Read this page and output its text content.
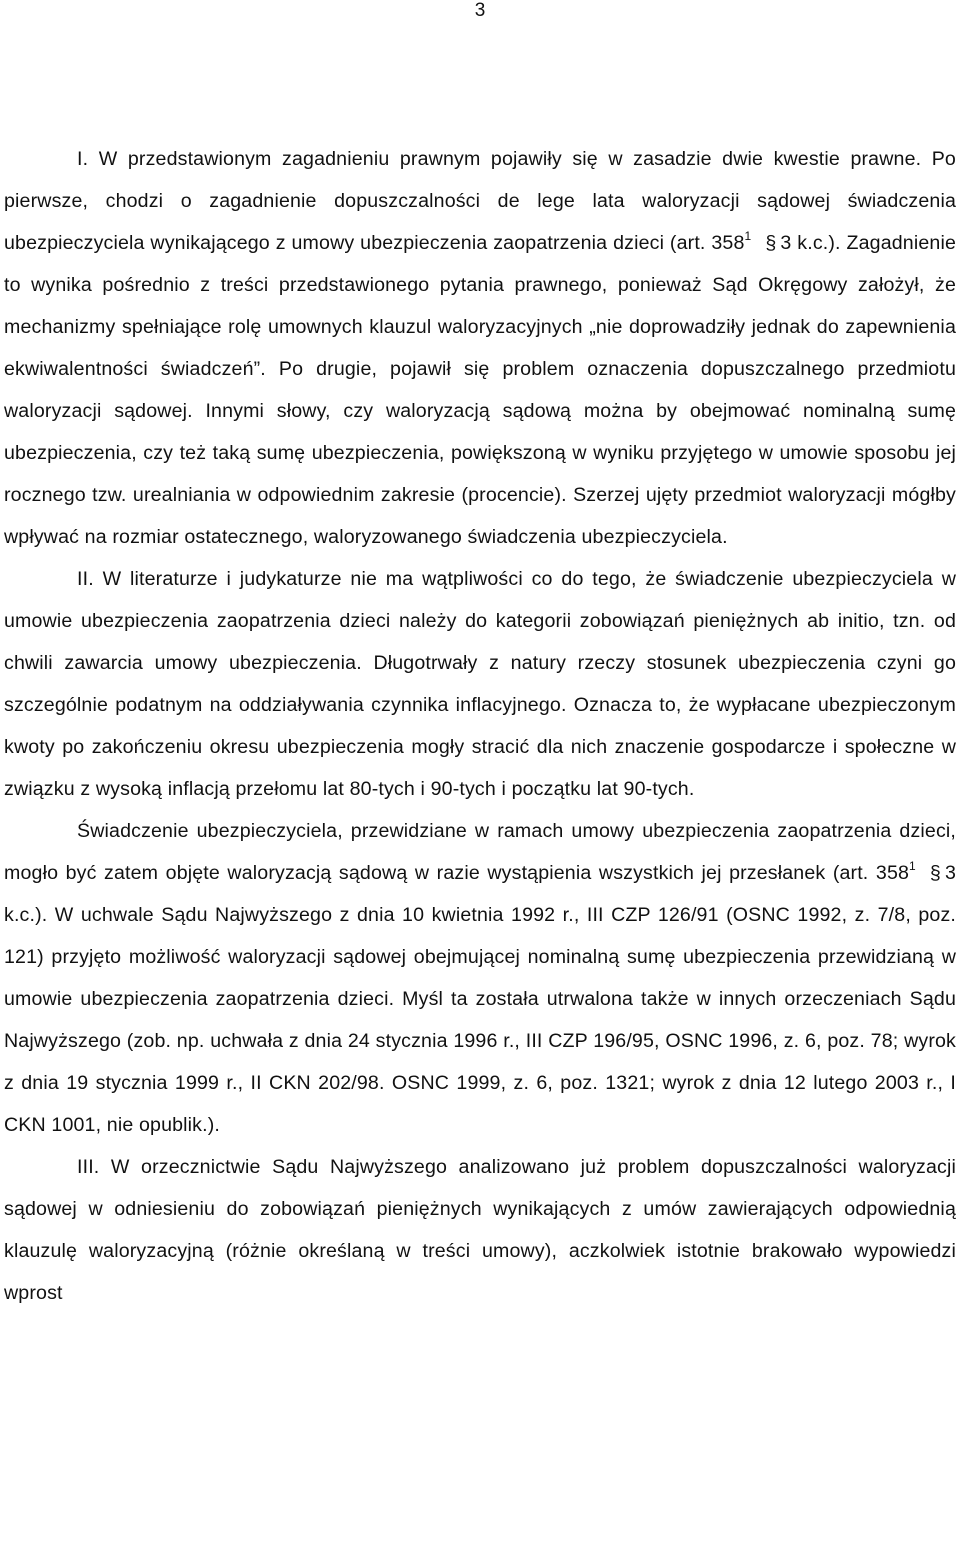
3

I. W przedstawionym zagadnieniu prawnym pojawiły się w zasadzie dwie kwestie prawne. Po pierwsze, chodzi o zagadnienie dopuszczalności de lege lata waloryzacji sądowej świadczenia ubezpieczyciela wynikającego z umowy ubezpieczenia zaopatrzenia dzieci (art. $358^1$ § 3 k.c.). Zagadnienie to wynika pośrednio z treści przedstawionego pytania prawnego, ponieważ Sąd Okręgowy założył, że mechanizmy spełniające rolę umownych klauzul waloryzacyjnych „nie doprowadziły jednak do zapewnienia ekwiwalentności świadczeń”. Po drugie, pojawił się problem oznaczenia dopuszczalnego przedmiotu waloryzacji sądowej. Innymi słowy, czy waloryzacją sądową można by obejmować nominalną sumę ubezpieczenia, czy też taką sumę ubezpieczenia, powiększoną w wyniku przyjętego w umowie sposobu jej rocznego tzw. urealniania w odpowiednim zakresie (procencie). Szerzej ujęty przedmiot waloryzacji mógłby wpływać na rozmiar ostatecznego, waloryzowanego świadczenia ubezpieczyciela.

II. W literaturze i judykaturze nie ma wątpliwości co do tego, że świadczenie ubezpieczyciela w umowie ubezpieczenia zaopatrzenia dzieci należy do kategorii zobowiązań pieniężnych ab initio, tzn. od chwili zawarcia umowy ubezpieczenia. Długotrwały z natury rzeczy stosunek ubezpieczenia czyni go szczególnie podatnym na oddziaływania czynnika inflacyjnego. Oznacza to, że wypłacane ubezpieczonym kwoty po zakończeniu okresu ubezpieczenia mogły stracić dla nich znaczenie gospodarcze i społeczne w związku z wysoką inflacją przełomu lat 80-tych i 90-tych i początku lat 90-tych.

Świadczenie ubezpieczyciela, przewidziane w ramach umowy ubezpieczenia zaopatrzenia dzieci, mogło być zatem objęte waloryzacją sądową w razie wystąpienia wszystkich jej przesłanek (art. $358^1$ § 3 k.c.). W uchwale Sądu Najwyższego z dnia 10 kwietnia 1992 r., III CZP 126/91 (OSNC 1992, z. 7/8, poz. 121) przyjęto możliwość waloryzacji sądowej obejmującej nominalną sumę ubezpieczenia przewidzianą w umowie ubezpieczenia zaopatrzenia dzieci. Myśl ta została utrwalona także w innych orzeczeniach Sądu Najwyższego (zob. np. uchwała z dnia 24 stycznia 1996 r., III CZP 196/95, OSNC 1996, z. 6, poz. 78; wyrok z dnia 19 stycznia 1999 r., II CKN 202/98. OSNC 1999, z. 6, poz. 1321; wyrok z dnia 12 lutego 2003 r., I CKN 1001, nie opublik.).

III. W orzecznictwie Sądu Najwyższego analizowano już problem dopuszczalności waloryzacji sądowej w odniesieniu do zobowiązań pieniężnych wynikających z umów zawierających odpowiednią klauzulę waloryzacyjną (różnie określaną w treści umowy), aczkolwiek istotnie brakowało wypowiedzi wprost
